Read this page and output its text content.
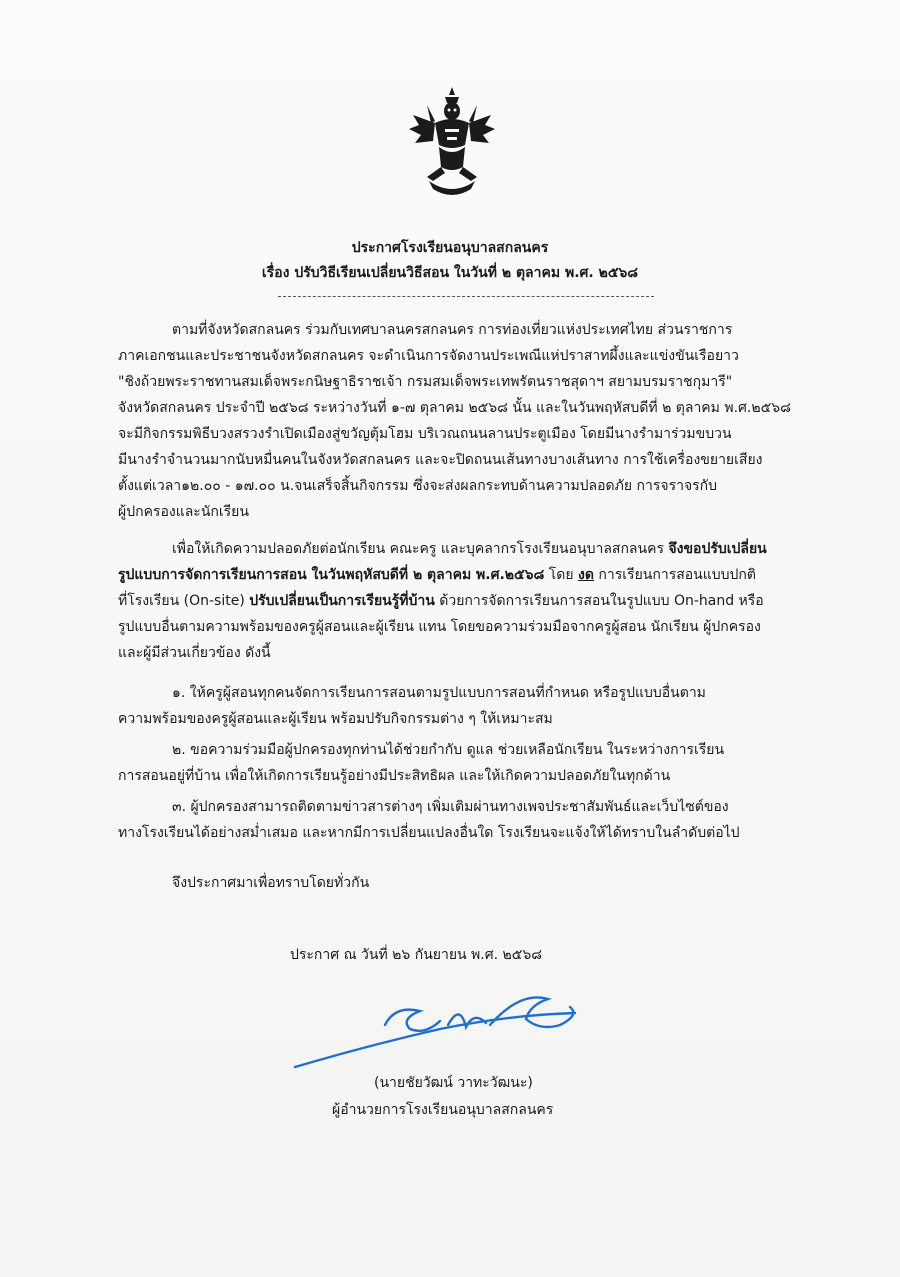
ประกาศโรงเรียนอนุบาลสกลนคร
เรื่อง ปรับวิธีเรียนเปลี่ยนวิธีสอน ในวันที่ ๒ ตุลาคม พ.ศ. ๒๕๖๘
ตามที่จังหวัดสกลนคร ร่วมกับเทศบาลนครสกลนคร การท่องเที่ยวแห่งประเทศไทย ส่วนราชการ
ภาคเอกชนและประชาชนจังหวัดสกลนคร จะดำเนินการจัดงานประเพณีแห่ปราสาทผึ้งและแข่งขันเรือยาว
"ชิงถ้วยพระราชทานสมเด็จพระกนิษฐาธิราชเจ้า กรมสมเด็จพระเทพรัตนราชสุดาฯ สยามบรมราชกุมารี"
จังหวัดสกลนคร ประจำปี ๒๕๖๘ ระหว่างวันที่ ๑-๗ ตุลาคม ๒๕๖๘ นั้น และในวันพฤหัสบดีที่ ๒ ตุลาคม พ.ศ.๒๕๖๘
จะมีกิจกรรมพิธีบวงสรวงรำเปิดเมืองสู่ขวัญตุ้มโฮม บริเวณถนนลานประตูเมือง โดยมีนางรำมาร่วมขบวน
มีนางรำจำนวนมากนับหมื่นคนในจังหวัดสกลนคร และจะปิดถนนเส้นทางบางเส้นทาง การใช้เครื่องขยายเสียง
ตั้งแต่เวลา๑๒.๐๐ - ๑๗.๐๐ น.จนเสร็จสิ้นกิจกรรม ซึ่งจะส่งผลกระทบด้านความปลอดภัย การจราจรกับ
ผู้ปกครองและนักเรียน
เพื่อให้เกิดความปลอดภัยต่อนักเรียน คณะครู และบุคลากรโรงเรียนอนุบาลสกลนคร จึงขอปรับเปลี่ยน
รูปแบบการจัดการเรียนการสอน ในวันพฤหัสบดีที่ ๒ ตุลาคม พ.ศ.๒๕๖๘ โดย งด การเรียนการสอนแบบปกติ
ที่โรงเรียน (On-site) ปรับเปลี่ยนเป็นการเรียนรู้ที่บ้าน ด้วยการจัดการเรียนการสอนในรูปแบบ On-hand หรือ
รูปแบบอื่นตามความพร้อมของครูผู้สอนและผู้เรียน แทน โดยขอความร่วมมือจากครูผู้สอน นักเรียน ผู้ปกครอง
และผู้มีส่วนเกี่ยวข้อง ดังนี้
๑. ให้ครูผู้สอนทุกคนจัดการเรียนการสอนตามรูปแบบการสอนที่กำหนด หรือรูปแบบอื่นตาม
ความพร้อมของครูผู้สอนและผู้เรียน พร้อมปรับกิจกรรมต่าง ๆ ให้เหมาะสม
๒. ขอความร่วมมือผู้ปกครองทุกท่านได้ช่วยกำกับ ดูแล ช่วยเหลือนักเรียน ในระหว่างการเรียน
การสอนอยู่ที่บ้าน เพื่อให้เกิดการเรียนรู้อย่างมีประสิทธิผล และให้เกิดความปลอดภัยในทุกด้าน
๓. ผู้ปกครองสามารถติดตามข่าวสารต่างๆ เพิ่มเติมผ่านทางเพจประชาสัมพันธ์และเว็บไซต์ของ
ทางโรงเรียนได้อย่างสม่ำเสมอ และหากมีการเปลี่ยนแปลงอื่นใด โรงเรียนจะแจ้งให้ได้ทราบในลำดับต่อไป
จึงประกาศมาเพื่อทราบโดยทั่วกัน
ประกาศ ณ วันที่ ๒๖ กันยายน พ.ศ. ๒๕๖๘
(นายชัยวัฒน์ วาทะวัฒนะ)
ผู้อำนวยการโรงเรียนอนุบาลสกลนคร
